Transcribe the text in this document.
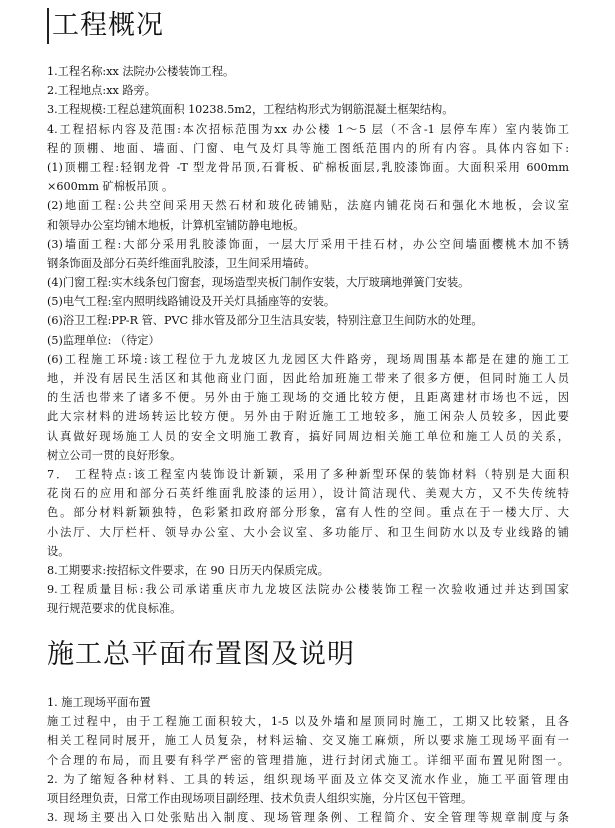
工程概况
1.工程名称:xx 法院办公楼装饰工程。
2.工程地点:xx 路旁。
3.工程规模:工程总建筑面积 10238.5m2，工程结构形式为钢筋混凝土框架结构。
4.工程招标内容及范围:本次招标范围为xx 办公楼 1～5 层（不含-1 层停车库）室内装饰工
程的顶棚、地面、墙面、门窗、电气及灯具等施工图纸范围内的所有内容。具体内容如下:
(1)顶棚工程:轻钢龙骨 -T 型龙骨吊顶,石膏板、矿棉板面层,乳胶漆饰面。大面积采用 600mm
×600mm 矿棉板吊顶 。
(2)地面工程:公共空间采用天然石材和玻化砖铺贴，法庭内铺花岗石和强化木地板，会议室
和领导办公室均铺木地板，计算机室铺防静电地板。
(3)墙面工程:大部分采用乳胶漆饰面，一层大厅采用干挂石材，办公空间墙面樱桃木加不锈
钢条饰面及部分石英纤维面乳胶漆，卫生间采用墙砖。
(4)门窗工程:实木线条包门窗套，现场造型夹板门制作安装，大厅玻璃地弹簧门安装。
(5)电气工程:室内照明线路铺设及开关灯具插座等的安装。
(6)浴卫工程:PP-R 管、PVC 排水管及部分卫生洁具安装，特别注意卫生间防水的处理。
(5)监理单位: （待定）
(6)工程施工环境:该工程位于九龙坡区九龙园区大件路旁，现场周围基本都是在建的施工工
地，并没有居民生活区和其他商业门面，因此给加班施工带来了很多方便，但同时施工人员
的生活也带来了诸多不便。另外由于施工现场的交通比较方便，且距离建材市场也不远，因
此大宗材料的进场转运比较方便。另外由于附近施工工地较多，施工闲杂人员较多，因此要
认真做好现场施工人员的安全文明施工教育，搞好同周边相关施工单位和施工人员的关系，
树立公司一贯的良好形象。
7． 工程特点:该工程室内装饰设计新颖，采用了多种新型环保的装饰材料（特别是大面积
花岗石的应用和部分石英纤维面乳胶漆的运用），设计简洁现代、美观大方，又不失传统特
色。部分材料新颖独特，色彩紧扣政府部分形象，富有人性的空间。重点在于一楼大厅、大
小法厅、大厅栏杆、领导办公室、大小会议室、多功能厅、和卫生间防水以及专业线路的铺
设。
8.工期要求:按招标文件要求，在 90 日历天内保质完成。
9.工程质量目标:我公司承诺重庆市九龙坡区法院办公楼装饰工程一次验收通过并达到国家
现行规范要求的优良标准。
施工总平面布置图及说明
1. 施工现场平面布置
施工过程中，由于工程施工面积较大，1-5 以及外墙和屋顶同时施工，工期又比较紧，且各
相关工程同时展开，施工人员复杂，材料运输、交叉施工麻烦，所以要求施工现场平面有一
个合理的布局，而且要有科学严密的管理措施，进行封闭式施工。详细平面布置见附图一。
2. 为了缩短各种材料、工具的转运，组织现场平面及立体交叉流水作业，施工平面管理由
项目经理负责，日常工作由现场项目副经理、技术负责人组织实施，分片区包干管理。
3. 现场主要出入口处张贴出入制度、现场管理条例、工程简介、安全管理等规章制度与条
